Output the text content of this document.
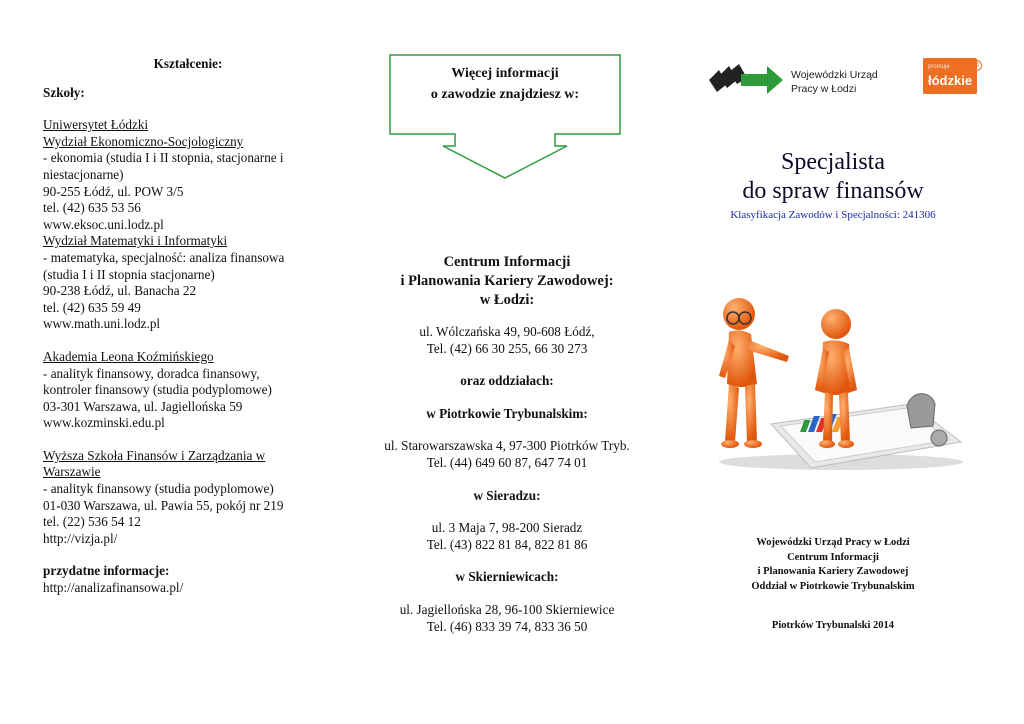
Kształcenie:
Szkoły:
Uniwersytet Łódzki
Wydział Ekonomiczno-Socjologiczny
- ekonomia (studia I i II stopnia, stacjonarne i
niestacjonarne)
90-255 Łódź, ul. POW 3/5
tel. (42) 635 53 56
www.eksoc.uni.lodz.pl
Wydział Matematyki i Informatyki
- matematyka, specjalność: analiza finansowa
(studia I i II stopnia stacjonarne)
90-238 Łódź, ul. Banacha 22
tel. (42) 635 59 49
www.math.uni.lodz.pl
Akademia Leona Koźmińskiego
- analityk finansowy, doradca finansowy,
kontroler finansowy (studia podyplomowe)
03-301 Warszawa, ul. Jagiellońska 59
www.kozminski.edu.pl
Wyższa Szkoła Finansów i Zarządzania w
Warszawie
- analityk finansowy (studia podyplomowe)
01-030 Warszawa, ul. Pawia 55, pokój nr 219
tel. (22) 536 54 12
http://vizja.pl/
przydatne informacje:
http://analizafinansowa.pl/
Więcej informacji
o zawodzie znajdziesz w:
Centrum Informacji
i Planowania Kariery Zawodowej:
w Łodzi:
ul. Wólczańska 49, 90-608 Łódź,
Tel. (42) 66 30 255, 66 30 273
oraz oddziałach:
w Piotrkowie Trybunalskim:
ul. Starowarszawska 4, 97-300 Piotrków Tryb.
Tel. (44) 649 60 87, 647 74 01
w Sieradzu:
ul. 3 Maja 7, 98-200 Sieradz
Tel. (43) 822 81 84, 822 81 86
w Skierniewicach:
ul. Jagiellońska 28, 96-100 Skierniewice
Tel. (46) 833 39 74, 833 36 50
Wojewódzki Urząd
Pracy w Łodzi
promuje
łódzkie
®
Specjalista
do spraw finansów
Klasyfikacja Zawodów i Specjalności: 241306
Wojewódzki Urząd Pracy w Łodzi
Centrum Informacji
i Planowania Kariery Zawodowej
Oddział w Piotrkowie Trybunalskim
Piotrków Trybunalski 2014
